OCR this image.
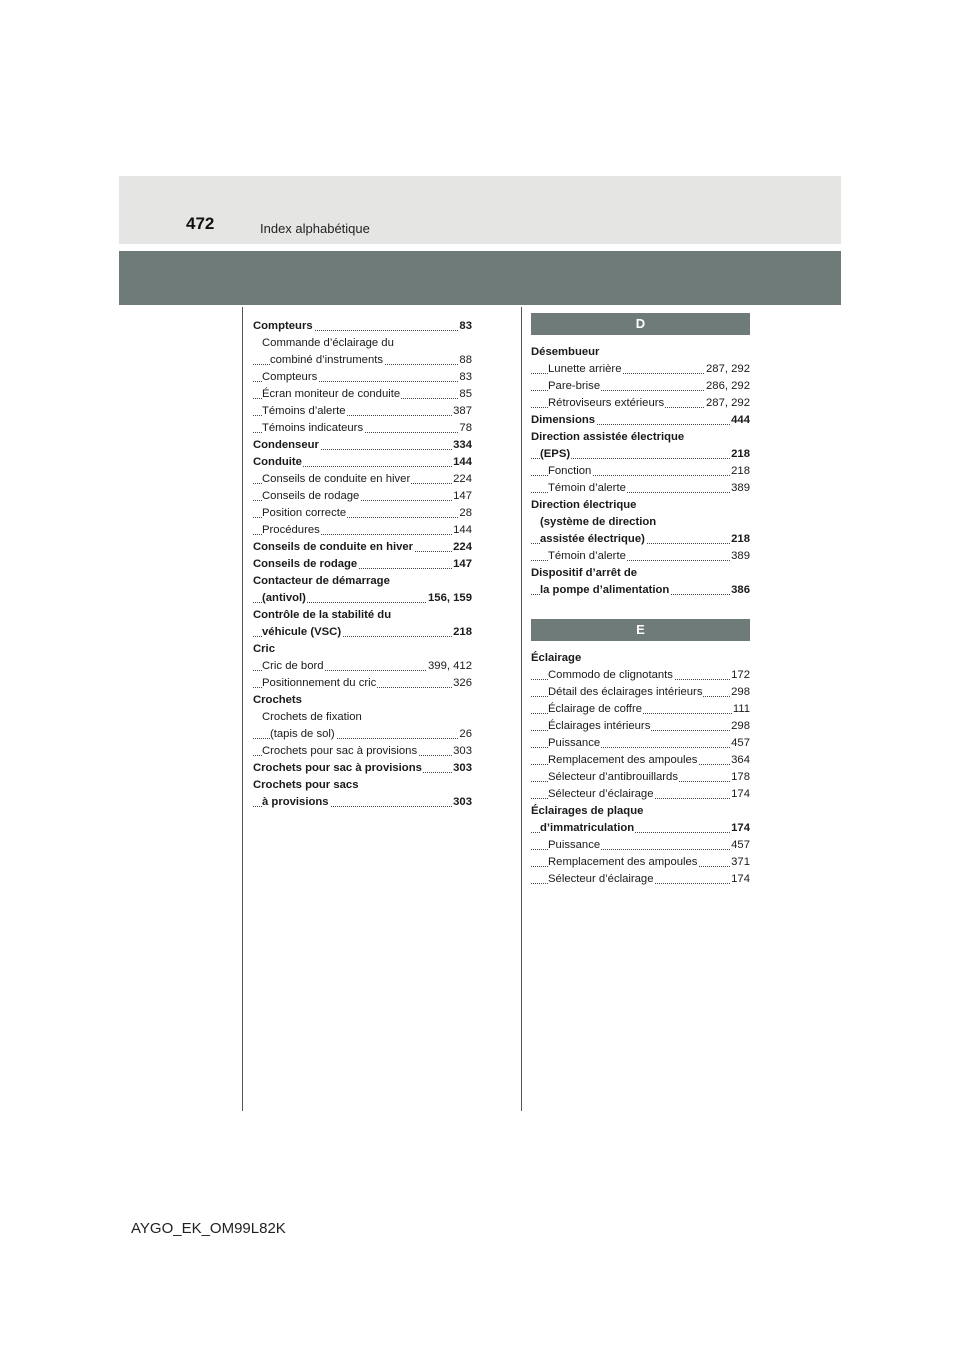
472	Index alphabétique
Compteurs	83
Commande d’éclairage du
combiné d’instruments	88
Compteurs	83
Écran moniteur de conduite	85
Témoins d’alerte	387
Témoins indicateurs	78
Condenseur	334
Conduite	144
Conseils de conduite en hiver	224
Conseils de rodage	147
Position correcte	28
Procédures	144
Conseils de conduite en hiver	224
Conseils de rodage	147
Contacteur de démarrage
(antivol)	156, 159
Contrôle de la stabilité du
véhicule (VSC)	218
Cric
Cric de bord	399, 412
Positionnement du cric	326
Crochets
Crochets de fixation
(tapis de sol)	26
Crochets pour sac à provisions	303
Crochets pour sac à provisions	303
Crochets pour sacs
à provisions	303
D
Désembueur
Lunette arrière	287, 292
Pare-brise	286, 292
Rétroviseurs extérieurs	287, 292
Dimensions	444
Direction assistée électrique
(EPS)	218
Fonction	218
Témoin d’alerte	389
Direction électrique
(système de direction
assistée électrique)	218
Témoin d’alerte	389
Dispositif d’arrêt de
la pompe d’alimentation	386
E
Éclairage
Commodo de clignotants	172
Détail des éclairages intérieurs	298
Éclairage de coffre	111
Éclairages intérieurs	298
Puissance	457
Remplacement des ampoules	364
Sélecteur d’antibrouillards	178
Sélecteur d’éclairage	174
Éclairages de plaque
d’immatriculation	174
Puissance	457
Remplacement des ampoules	371
Sélecteur d’éclairage	174
AYGO_EK_OM99L82K
